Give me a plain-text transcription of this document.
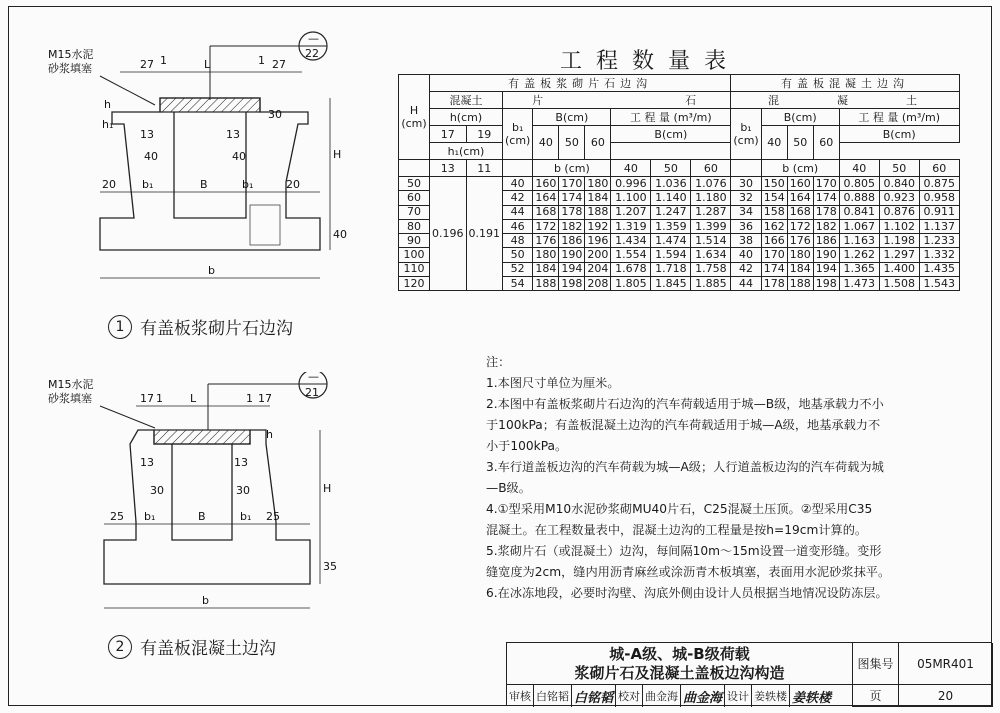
M15水泥
砂浆填塞
—
22
27 1	L	1 27
h
h₁
30
13	13
40	40
20 b₁	B	b₁	20
H
40
b
1 有盖板浆砌片石边沟
M15水泥
砂浆填塞
—
21
17 1 L	1 17
h
13	13
30	30
25 b₁	B	b₁ 25
H
35
b
2 有盖板混凝土边沟
工程数量表
H
(cm)	有盖板浆砌片石边沟									有盖板混凝土边沟						
	混凝土		片 石							混 凝 土						
	h(cm)		b₁
(cm)	B(cm)			工 程 量 (m³/m)			b₁
(cm)	B(cm)			工 程 量 (m³/m)		
	17	19		40	50	60	B(cm)				40	50	60	B(cm)		
	h₁(cm)															
	13	11		b (cm)			40	50	60		b (cm)			40	50	60
50	0.196	0.191	40	160	170	180	0.996	1.036	1.076	30	150	160	170	0.805	0.840	0.875
60			42	164	174	184	1.100	1.140	1.180	32	154	164	174	0.888	0.923	0.958
70			44	168	178	188	1.207	1.247	1.287	34	158	168	178	0.841	0.876	0.911
80			46	172	182	192	1.319	1.359	1.399	36	162	172	182	1.067	1.102	1.137
90			48	176	186	196	1.434	1.474	1.514	38	166	176	186	1.163	1.198	1.233
100			50	180	190	200	1.554	1.594	1.634	40	170	180	190	1.262	1.297	1.332
110			52	184	194	204	1.678	1.718	1.758	42	174	184	194	1.365	1.400	1.435
120			54	188	198	208	1.805	1.845	1.885	44	178	188	198	1.473	1.508	1.543

注：

1.本图尺寸单位为厘米。

2.本图中有盖板浆砌片石边沟的汽车荷载适用于城—B级，地基承载力不小

于100kPa；有盖板混凝土边沟的汽车荷载适用于城—A级，地基承载力不

小于100kPa。

3.车行道盖板边沟的汽车荷载为城—A级；人行道盖板边沟的汽车荷载为城

—B级。

4.①型采用M10水泥砂浆砌MU40片石，C25混凝土压顶。②型采用C35

混凝土。在工程数量表中，混凝土边沟的工程量是按h=19cm计算的。

5.浆砌片石（或混凝土）边沟，每间隔10m～15m设置一道变形缝。变形

缝宽度为2cm，缝内用沥青麻丝或涂沥青木板填塞，表面用水泥砂浆抹平。

6.在冰冻地段，必要时沟壁、沟底外侧由设计人员根据当地情况设防冻层。

城-A级、城-B级荷载
浆砌片石及混凝土盖板边沟构造	图集号	05MR401
页	20
审核 白铭韬 白铭韬 校对 曲金海 曲金海 设计 姜轶楼 姜轶楼
